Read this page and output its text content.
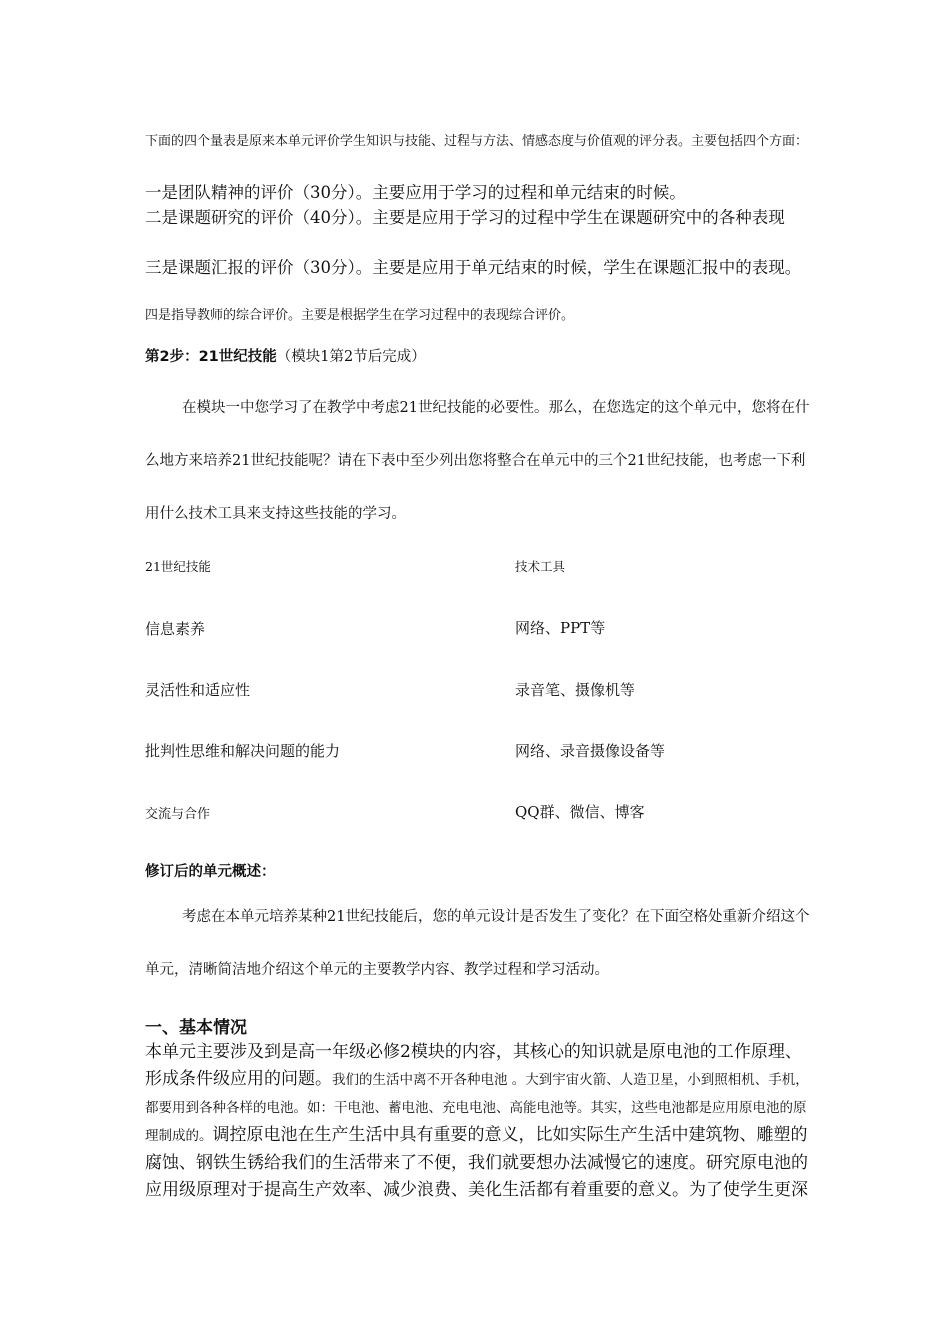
下面的四个量表是原来本单元评价学生知识与技能、过程与方法、情感态度与价值观的评分表。主要包括四个方面：

一是团队精神的评价（30分）。主要应用于学习的过程和单元结束的时候。

二是课题研究的评价（40分）。主要是应用于学习的过程中学生在课题研究中的各种表现

三是课题汇报的评价（30分）。主要是应用于单元结束的时候，学生在课题汇报中的表现。

四是指导教师的综合评价。主要是根据学生在学习过程中的表现综合评价。

第2步：21世纪技能（模块1第2节后完成）

在模块一中您学习了在教学中考虑21世纪技能的必要性。那么，在您选定的这个单元中，您将在什么地方来培养21世纪技能呢？请在下表中至少列出您将整合在单元中的三个21世纪技能，也考虑一下利用什么技术工具来支持这些技能的学习。

21世纪技能	技术工具
信息素养	网络、PPT等
灵活性和适应性	录音笔、摄像机等
批判性思维和解决问题的能力	网络、录音摄像设备等
交流与合作	QQ群、微信、博客

修订后的单元概述：

考虑在本单元培养某种21世纪技能后，您的单元设计是否发生了变化？在下面空格处重新介绍这个单元，清晰简洁地介绍这个单元的主要教学内容、教学过程和学习活动。

一、基本情况

本单元主要涉及到是高一年级必修2模块的内容，其核心的知识就是原电池的工作原理、形成条件级应用的问题。我们的生活中离不开各种电池 。大到宇宙火箭、人造卫星，小到照相机、手机，都要用到各种各样的电池。如：干电池、蓄电池、充电电池、高能电池等。其实，这些电池都是应用原电池的原理制成的。调控原电池在生产生活中具有重要的意义，比如实际生产生活中建筑物、雕塑的腐蚀、钢铁生锈给我们的生活带来了不便，我们就要想办法减慢它的速度。研究原电池的应用级原理对于提高生产效率、减少浪费、美化生活都有着重要的意义。为了使学生更深
